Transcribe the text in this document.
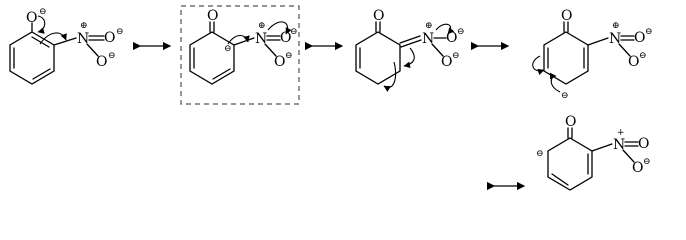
O ⊖
N
⊕
O ⊖
O ⊖
O
⊖
N
⊕
O
⊖
O ⊖
O
N
⊕
O ⊖
O ⊖
O
⊖
N
⊕
O ⊖
O ⊖
O
⊖
N
+
O
O ⊖
